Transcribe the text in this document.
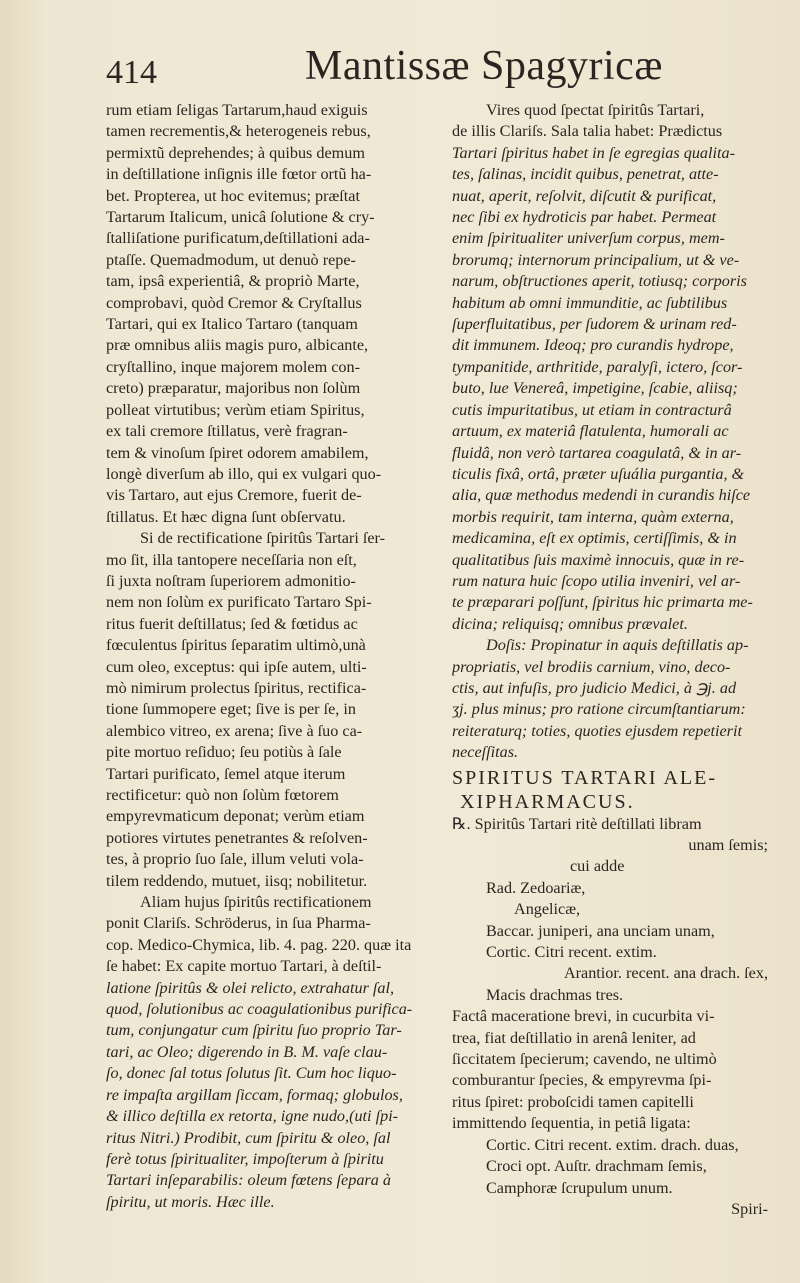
414	Mantissæ Spagyricæ
rum etiam ſeligas Tartarum,haud exiguis
tamen recrementis,& heterogeneis rebus,
permixtũ deprehendes; à quibus demum
in deſtillatione inſignis ille fœtor ortũ ha-
bet. Propterea, ut hoc evitemus; præſtat
Tartarum Italicum, unicâ ſolutione & cry-
ſtalliſatione purificatum,deſtillationi ada-
ptaſſe. Quemadmodum, ut denuò repe-
tam, ipsâ experientiâ, & propriò Marte,
comprobavi, quòd Cremor & Cryſtallus
Tartari, qui ex Italico Tartaro (tanquam
præ omnibus aliis magis puro, albicante,
cryſtallino, inque majorem molem con-
creto) præparatur, majoribus non ſolùm
polleat virtutibus; verùm etiam Spiritus,
ex tali cremore ſtillatus, verè fragran-
tem & vinoſum ſpiret odorem amabilem,
longè diverſum ab illo, qui ex vulgari quo-
vis Tartaro, aut ejus Cremore, fuerit de-
ſtillatus. Et hæc digna ſunt obſervatu.
Si de rectificatione ſpiritûs Tartari ſer-
mo ſit, illa tantopere neceſſaria non eſt,
ſi juxta noſtram ſuperiorem admonitio-
nem non ſolùm ex purificato Tartaro Spi-
ritus fuerit deſtillatus; ſed & fœtidus ac
fœculentus ſpiritus ſeparatim ultimò,unà
cum oleo, exceptus: qui ipſe autem, ulti-
mò nimirum prolectus ſpiritus, rectifica-
tione ſummopere eget; ſive is per ſe, in
alembico vitreo, ex arena; ſive à ſuo ca-
pite mortuo reſiduo; ſeu potiùs à ſale
Tartari purificato, ſemel atque iterum
rectificetur: quò non ſolùm fœtorem
empyrevmaticum deponat; verùm etiam
potiores virtutes penetrantes & reſolven-
tes, à proprio ſuo ſale, illum veluti vola-
tilem reddendo, mutuet, iisq; nobilitetur.
Aliam hujus ſpiritûs rectificationem
ponit Clariſs. Schröderus, in ſua Pharma-
cop. Medico-Chymica, lib. 4. pag. 220. quæ ita
ſe habet: Ex capite mortuo Tartari, à deſtil-
latione ſpiritûs & olei relicto, extrahatur ſal,
quod, ſolutionibus ac coagulationibus purifica-
tum, conjungatur cum ſpiritu ſuo proprio Tar-
tari, ac Oleo; digerendo in B. M. vaſe clau-
ſo, donec ſal totus ſolutus ſit. Cum hoc liquo-
re impaſta argillam ſiccam, formaq; globulos,
& illico deſtilla ex retorta, igne nudo,(uti ſpi-
ritus Nitri.) Prodibit, cum ſpiritu & oleo, ſal
ferè totus ſpiritualiter, impoſterum à ſpiritu
Tartari inſeparabilis: oleum fœtens ſepara à
ſpiritu, ut moris. Hæc ille.
Vires quod ſpectat ſpiritûs Tartari,
de illis Clariſs. Sala talia habet: Prædictus
Tartari ſpiritus habet in ſe egregias qualita-
tes, ſalinas, incidit quibus, penetrat, atte-
nuat, aperit, reſolvit, diſcutit & purificat,
nec ſibi ex hydroticis par habet. Permeat
enim ſpiritualiter univerſum corpus, mem-
brorumq; internorum principalium, ut & ve-
narum, obſtructiones aperit, totiusq; corporis
habitum ab omni immunditie, ac ſubtilibus
ſuperfluitatibus, per ſudorem & urinam red-
dit immunem. Ideoq; pro curandis hydrope,
tympanitide, arthritide, paralyſi, ictero, ſcor-
buto, lue Venereâ, impetigine, ſcabie, aliisq;
cutis impuritatibus, ut etiam in contracturâ
artuum, ex materiâ flatulenta, humorali ac
fluidâ, non verò tartarea coagulatâ, & in ar-
ticulis fixâ, ortâ, præter uſuália purgantia, &
alia, quæ methodus medendi in curandis hiſce
morbis requirit, tam interna, quàm externa,
medicamina, eſt ex optimis, certiſſimis, & in
qualitatibus ſuis maximè innocuis, quæ in re-
rum natura huic ſcopo utilia inveniri, vel ar-
te præparari poſſunt, ſpiritus hic primarta me-
dicina; reliquisq; omnibus prævalet.
Doſis: Propinatur in aquis deſtillatis ap-
propriatis, vel brodiis carnium, vino, deco-
ctis, aut infuſis, pro judicio Medici, à ℈j. ad
ʒj. plus minus; pro ratione circumſtantiarum:
reiteraturq; toties, quoties ejusdem repetierit
neceſſitas.
SPIRITUS TARTARI ALE-
XIPHARMACUS.
℞. Spiritûs Tartari ritè deſtillati libram
unam ſemis;
cui adde
Rad. Zedoariæ,
Angelicæ,
Baccar. juniperi, ana unciam unam,
Cortic. Citri recent. extim.
Arantior. recent. ana drach. ſex,
Macis drachmas tres.
Factâ maceratione brevi, in cucurbita vi-
trea, fiat deſtillatio in arenâ leniter, ad
ſiccitatem ſpecierum; cavendo, ne ultimò
comburantur ſpecies, & empyrevma ſpi-
ritus ſpiret: proboſcidi tamen capitelli
immittendo ſequentia, in petiâ ligata:
Cortic. Citri recent. extim. drach. duas,
Croci opt. Auſtr. drachmam ſemis,
Camphoræ ſcrupulum unum.
Spiri-
